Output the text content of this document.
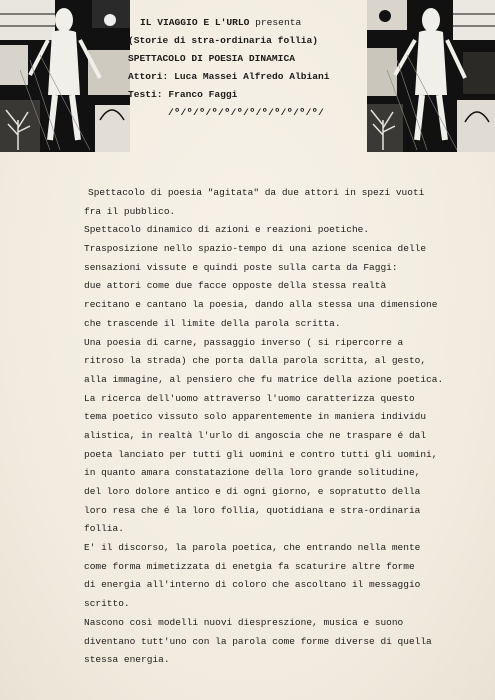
IL VIAGGIO E L'URLO presenta
(Storie di stra-ordinaria follia)
SPETTACOLO DI POESIA DINAMICA
Attori: Luca Massei Alfredo Albiani
Testi: Franco Faggi
/º/º/º/º/º/º/º/º/º/º/º/º/
Spettacolo di poesia "agitata" da due attori in spezi vuoti
fra il pubblico.
Spettacolo dinamico di azioni e reazioni poetiche.
Trasposizione nello spazio-tempo di una azione scenica delle
sensazioni vissute e quindi poste sulla carta da Faggi:
due attori come due facce opposte della stessa realtà
recitano e cantano la poesia, dando alla stessa una dimensione
che trascende il limite della parola scritta.
Una poesia di carne, passaggio inverso ( si ripercorre a
ritroso la strada) che porta dalla parola scritta, al gesto,
alla immagine, al pensiero che fu matrice della azione poetica.
La ricerca dell'uomo attraverso l'uomo caratterizza questo
tema poetico vissuto solo apparentemente in maniera individu
alistica, in realtà l'urlo di angoscia che ne traspare é dal
poeta lanciato per tutti gli uomini e contro tutti gli uomini,
in quanto amara constatazione della loro grande solitudine,
del loro dolore antico e di ogni giorno, e sopratutto della
loro resa che é la loro follia, quotidiana e stra-ordinaria
follia.
E' il discorso, la parola poetica, che entrando nella mente
come forma mimetizzata di enetgia fa scaturire altre forme
di energia all'interno di coloro che ascoltano il messaggio
scritto.
Nascono così modelli nuovi diespreszione, musica e suono
diventano tutt'uno con la parola come forme diverse di quella
stessa energia.
